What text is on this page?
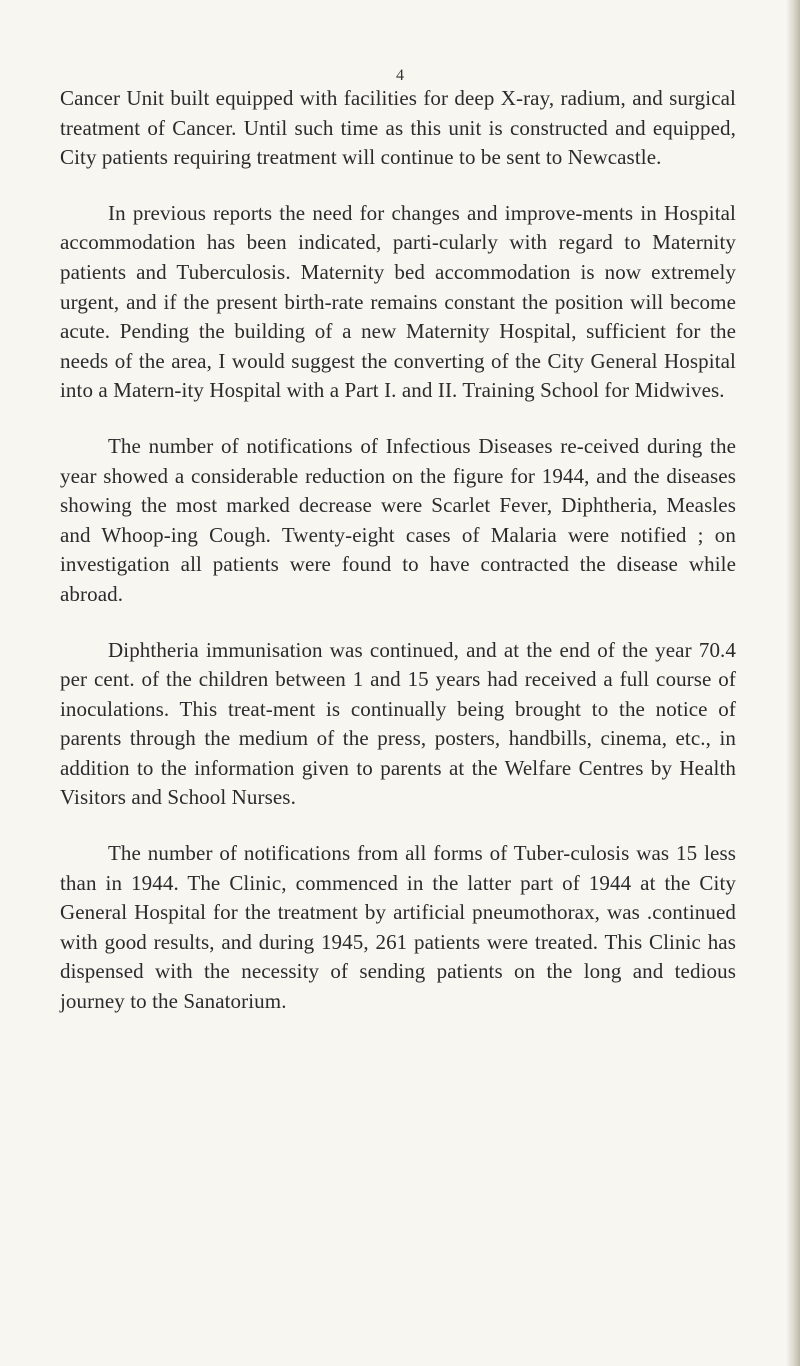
4

Cancer Unit built equipped with facilities for deep X-ray, radium, and surgical treatment of Cancer. Until such time as this unit is constructed and equipped, City patients requiring treatment will continue to be sent to Newcastle.

In previous reports the need for changes and improve-ments in Hospital accommodation has been indicated, parti-cularly with regard to Maternity patients and Tuberculosis. Maternity bed accommodation is now extremely urgent, and if the present birth-rate remains constant the position will become acute. Pending the building of a new Maternity Hospital, sufficient for the needs of the area, I would suggest the converting of the City General Hospital into a Matern-ity Hospital with a Part I. and II. Training School for Midwives.

The number of notifications of Infectious Diseases re-ceived during the year showed a considerable reduction on the figure for 1944, and the diseases showing the most marked decrease were Scarlet Fever, Diphtheria, Measles and Whoop-ing Cough. Twenty-eight cases of Malaria were notified ; on investigation all patients were found to have contracted the disease while abroad.

Diphtheria immunisation was continued, and at the end of the year 70.4 per cent. of the children between 1 and 15 years had received a full course of inoculations. This treat-ment is continually being brought to the notice of parents through the medium of the press, posters, handbills, cinema, etc., in addition to the information given to parents at the Welfare Centres by Health Visitors and School Nurses.

The number of notifications from all forms of Tuber-culosis was 15 less than in 1944. The Clinic, commenced in the latter part of 1944 at the City General Hospital for the treatment by artificial pneumothorax, was .continued with good results, and during 1945, 261 patients were treated. This Clinic has dispensed with the necessity of sending patients on the long and tedious journey to the Sanatorium.
